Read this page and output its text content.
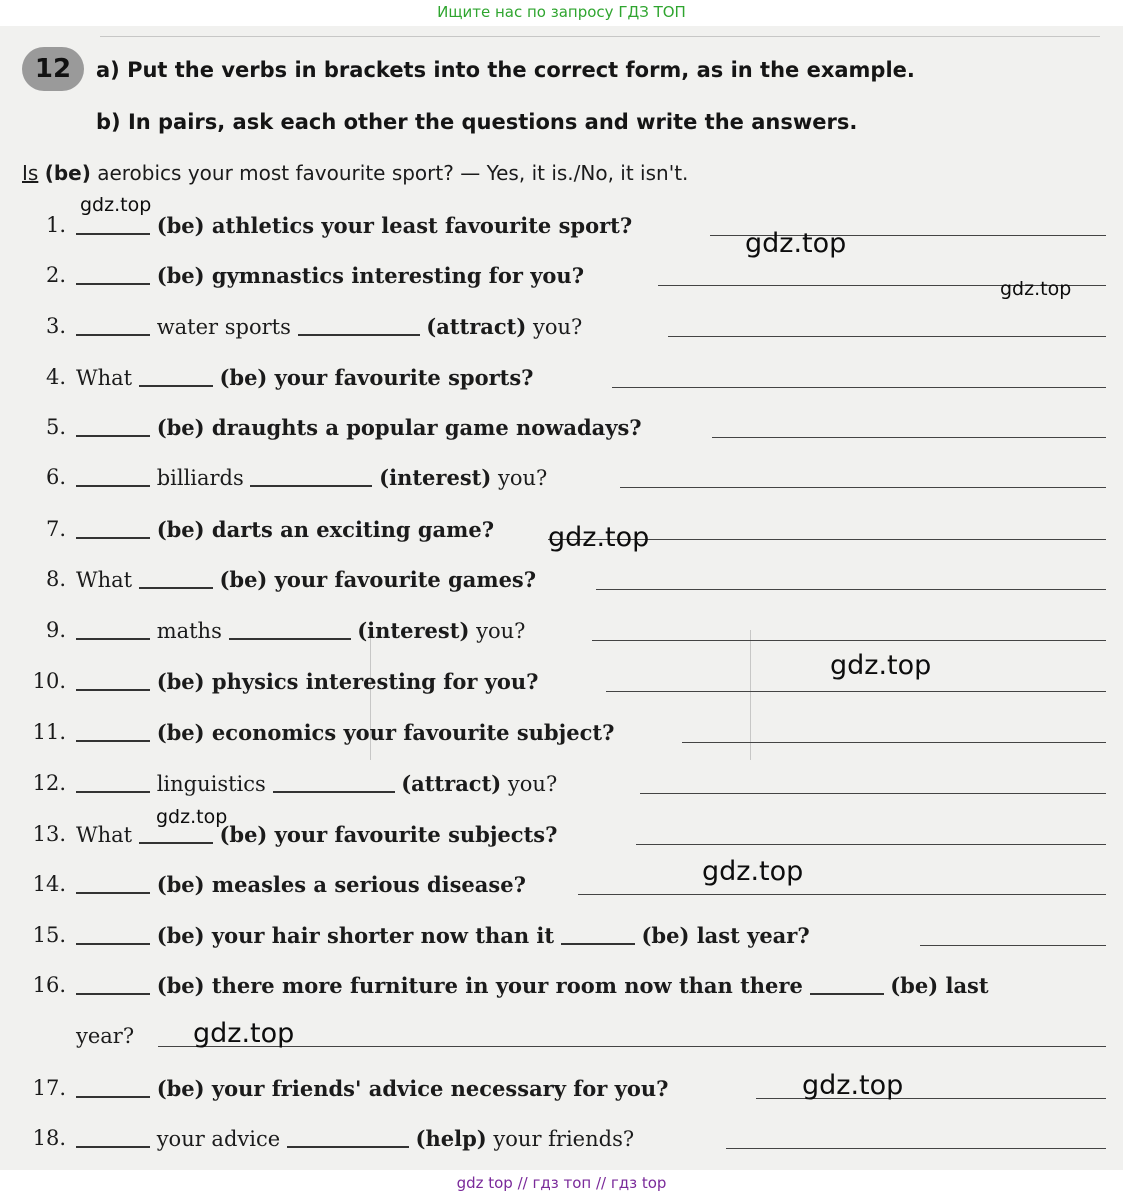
Ищите нас по запросу ГДЗ ТОП
12	a) Put the verbs in brackets into the correct form, as in the example.
b) In pairs, ask each other the questions and write the answers.
Is (be) aerobics your most favourite sport? — Yes, it is./No, it isn't.
1.	(be) athletics your least favourite sport?
2.	(be) gymnastics interesting for you?
3.	water sports	(attract) you?
4. What	(be) your favourite sports?
5.	(be) draughts a popular game nowadays?
6.	billiards	(interest) you?
7.	(be) darts an exciting game?
8. What	(be) your favourite games?
9.	maths	(interest) you?
10.	(be) physics interesting for you?
11.	(be) economics your favourite subject?
12.	linguistics	(attract) you?
13. What	(be) your favourite subjects?
14.	(be) measles a serious disease?
15.	(be) your hair shorter now than it	(be) last year?
16.	(be) there more furniture in your room now than there	(be) last
year?
17.	(be) your friends' advice necessary for you?
18.	your advice	(help) your friends?
gdz.top
gdz.top
gdz.top
gdz.top
gdz.top
gdz.top
gdz.top
gdz.top
gdz.top
gdz top // гдз топ // гдз top
